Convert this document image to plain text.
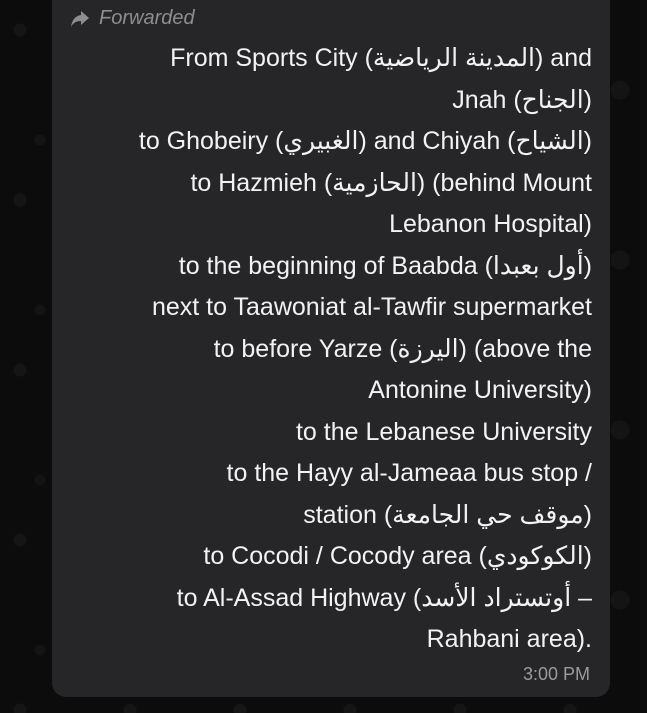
Forwarded
From Sports City (المدينة الرياضية) and
Jnah (الجناح)
to Ghobeiry (الغبيري) and Chiyah (الشياح)
to Hazmieh (الحازمية) (behind Mount
Lebanon Hospital)
to the beginning of Baabda (أول بعبدا)
next to Taawoniat al-Tawfir supermarket
to before Yarze (اليرزة) (above the
Antonine University)
to the Lebanese University
to the Hayy al-Jameaa bus stop /
station (موقف حي الجامعة)
to Cocodi / Cocody area (الكوكودي)
to Al-Assad Highway (أوتستراد الأسد –
Rahbani area).
3:00 PM
